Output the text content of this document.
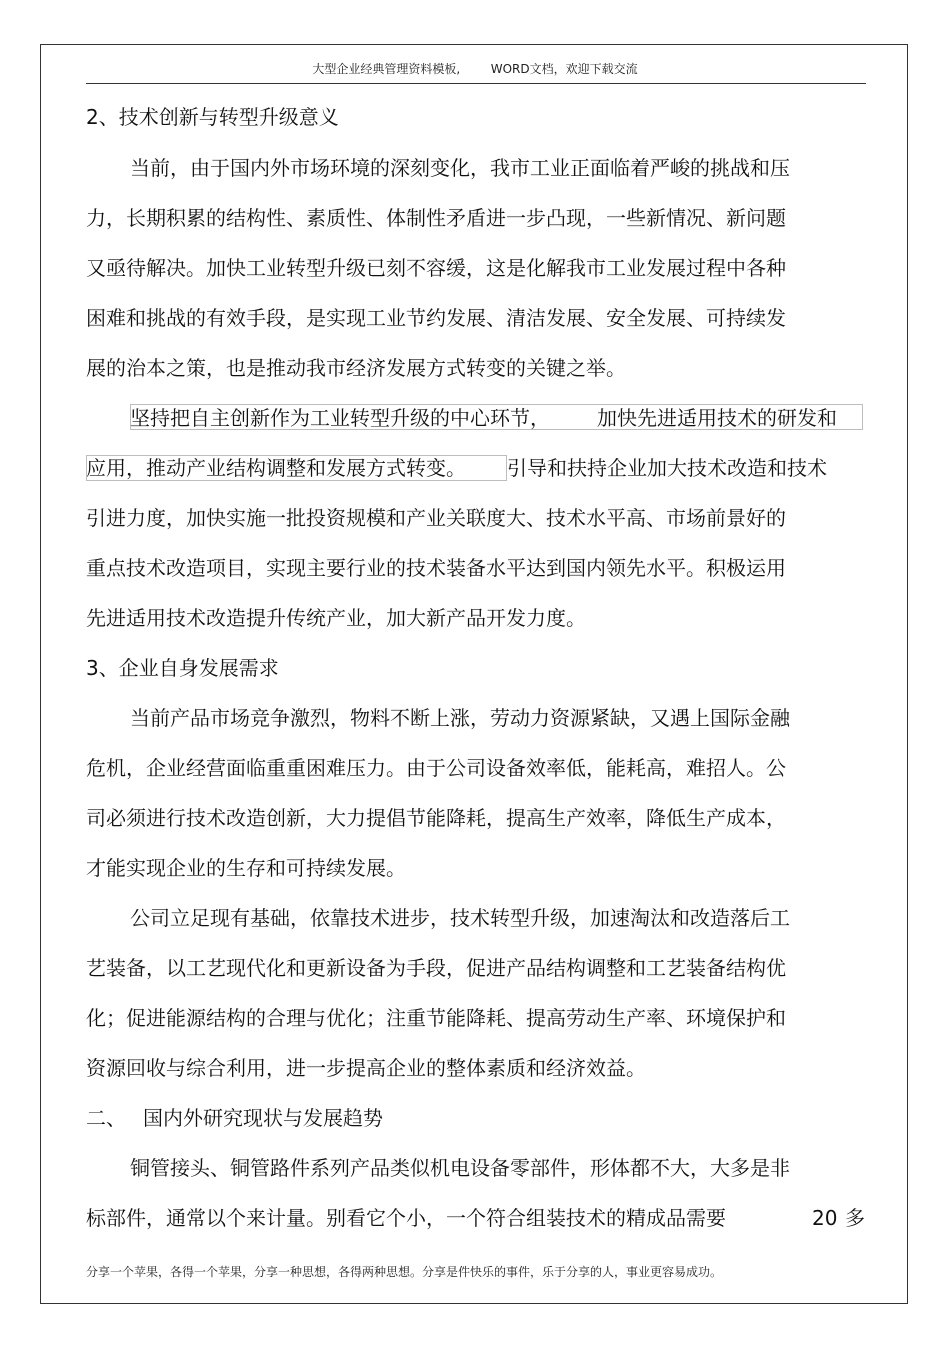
大型企业经典管理资料模板,	WORD文档，欢迎下载交流
2、技术创新与转型升级意义
当前，由于国内外市场环境的深刻变化，我市工业正面临着严峻的挑战和压
力，长期积累的结构性、素质性、体制性矛盾进一步凸现，一些新情况、新问题
又亟待解决。加快工业转型升级已刻不容缓，这是化解我市工业发展过程中各种
困难和挑战的有效手段，是实现工业节约发展、清洁发展、安全发展、可持续发
展的治本之策，也是推动我市经济发展方式转变的关键之举。
坚持把自主创新作为工业转型升级的中心环节， 加快先进适用技术的研发和
应用，推动产业结构调整和发展方式转变。 引导和扶持企业加大技术改造和技术
引进力度，加快实施一批投资规模和产业关联度大、技术水平高、市场前景好的
重点技术改造项目，实现主要行业的技术装备水平达到国内领先水平。积极运用
先进适用技术改造提升传统产业，加大新产品开发力度。
3、企业自身发展需求
当前产品市场竞争激烈，物料不断上涨，劳动力资源紧缺，又遇上国际金融
危机，企业经营面临重重困难压力。由于公司设备效率低，能耗高，难招人。公
司必须进行技术改造创新，大力提倡节能降耗，提高生产效率，降低生产成本，
才能实现企业的生存和可持续发展。
公司立足现有基础，依靠技术进步，技术转型升级，加速淘汰和改造落后工
艺装备，以工艺现代化和更新设备为手段，促进产品结构调整和工艺装备结构优
化；促进能源结构的合理与优化；注重节能降耗、提高劳动生产率、环境保护和
资源回收与综合利用，进一步提高企业的整体素质和经济效益。
二、 国内外研究现状与发展趋势
铜管接头、铜管路件系列产品类似机电设备零部件，形体都不大，大多是非
标部件，通常以个来计量。别看它个小，一个符合组装技术的精成品需要	20 多
分享一个苹果，各得一个苹果，分享一种思想，各得两种思想。分享是件快乐的事件，乐于分享的人，事业更容易成功。
